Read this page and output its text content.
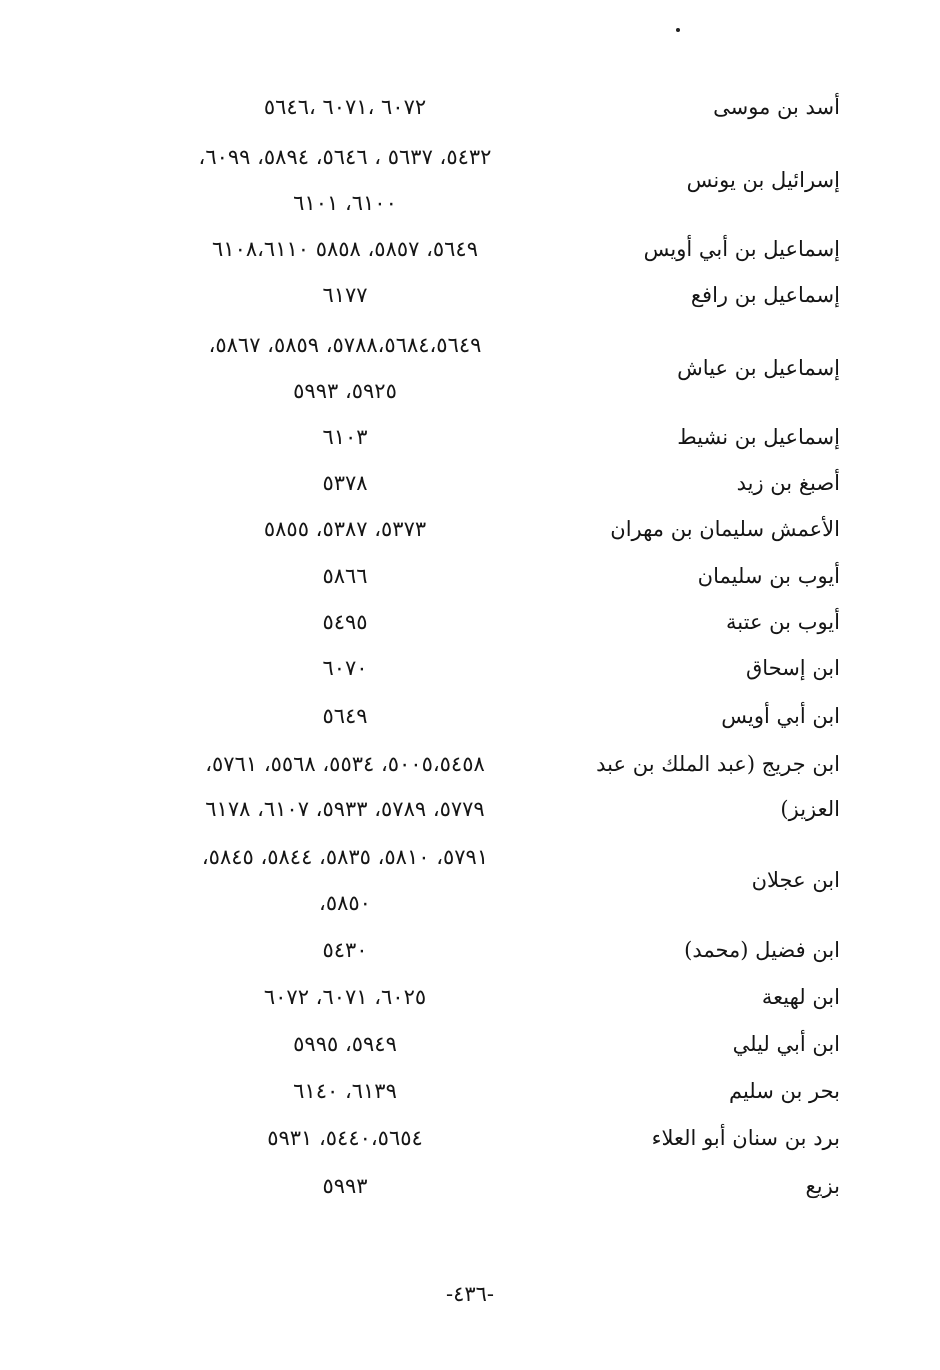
أسد بن موسى
٦٠٧٢ ،٦٠٧١ ،٥٦٤٦
إسرائيل بن يونس
٥٤٣٢، ٥٦٣٧ ، ٥٦٤٦، ٥٨٩٤، ٦٠٩٩،
٦١٠٠، ٦١٠١
إسماعيل بن أبي أويس
٥٦٤٩، ٥٨٥٧، ٥٨٥٨ ٦١٠٨،٦١١٠
إسماعيل بن رافع
٦١٧٧
إسماعيل بن عياش
٥٧٨٨،٥٦٨٤،٥٦٤٩، ٥٨٥٩، ٥٨٦٧،
٥٩٢٥، ٥٩٩٣
إسماعيل بن نشيط
٦١٠٣
أصبغ بن زيد
٥٣٧٨
الأعمش سليمان بن مهران
٥٣٧٣، ٥٣٨٧، ٥٨٥٥
أيوب بن سليمان
٥٨٦٦
أيوب بن عتبة
٥٤٩٥
ابن إسحاق
٦٠٧٠
ابن أبي أويس
٥٦٤٩
ابن جريج (عبد الملك بن عبد
٥٠٠٥،٥٤٥٨، ٥٥٣٤، ٥٥٦٨، ٥٧٦١،
العزيز)
٥٧٧٩، ٥٧٨٩، ٥٩٣٣، ٦١٠٧، ٦١٧٨
ابن عجلان
٥٧٩١، ٥٨١٠، ٥٨٣٥، ٥٨٤٤، ٥٨٤٥،
٥٨٥٠،
ابن فضيل (محمد)
٥٤٣٠
ابن لهيعة
٦٠٢٥، ٦٠٧١، ٦٠٧٢
ابن أبي ليلي
٥٩٤٩، ٥٩٩٥
بحر بن سليم
٦١٣٩، ٦١٤٠
برد بن سنان أبو العلاء
٥٤٤٠،٥٦٥٤، ٥٩٣١
بزيع
٥٩٩٣
-٤٣٦-
